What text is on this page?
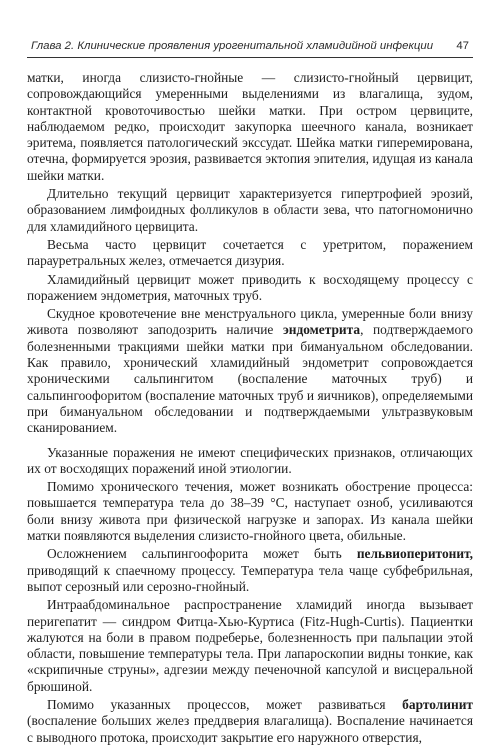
Глава 2. Клинические проявления урогенитальной хламидийной инфекции 47

матки, иногда слизисто-гнойные — слизисто-гнойный цервицит, сопровождающийся умеренными выделениями из влагалища, зудом, контактной кровоточивостью шейки матки. При остром цервиците, наблюдаемом редко, происходит закупорка шеечного канала, возникает эритема, появляется патологический экссудат. Шейка матки гиперемирована, отечна, формируется эрозия, развивается эктопия эпителия, идущая из канала шейки матки.

Длительно текущий цервицит характеризуется гипертрофией эрозий, образованием лимфоидных фолликулов в области зева, что патогномонично для хламидийного цервицита.

Весьма часто цервицит сочетается с уретритом, поражением парауретральных желез, отмечается дизурия.

Хламидийный цервицит может приводить к восходящему процессу с поражением эндометрия, маточных труб.

Скудное кровотечение вне менструального цикла, умеренные боли внизу живота позволяют заподозрить наличие эндометрита, подтверждаемого болезненными тракциями шейки матки при бимануальном обследовании. Как правило, хронический хламидийный эндометрит сопровождается хроническими сальпингитом (воспаление маточных труб) и сальпингоофоритом (воспаление маточных труб и яичников), определяемыми при бимануальном обследовании и подтверждаемыми ультразвуковым сканированием.

Указанные поражения не имеют специфических признаков, отличающих их от восходящих поражений иной этиологии.

Помимо хронического течения, может возникать обострение процесса: повышается температура тела до 38–39 °С, наступает озноб, усиливаются боли внизу живота при физической нагрузке и запорах. Из канала шейки матки появляются выделения слизисто-гнойного цвета, обильные.

Осложнением сальпингоофорита может быть пельвиоперитонит, приводящий к спаечному процессу. Температура тела чаще субфебрильная, выпот серозный или серозно-гнойный.

Интраабдоминальное распространение хламидий иногда вызывает перигепатит — синдром Фитца-Хью-Куртиса (Fitz-Hugh-Curtis). Пациентки жалуются на боли в правом подреберье, болезненность при пальпации этой области, повышение температуры тела. При лапароскопии видны тонкие, как «скрипичные струны», адгезии между печеночной капсулой и висцеральной брюшиной.

Помимо указанных процессов, может развиваться бартолинит (воспаление больших желез преддверия влагалища). Воспаление начинается с выводного протока, происходит закрытие его наружного отверстия,
